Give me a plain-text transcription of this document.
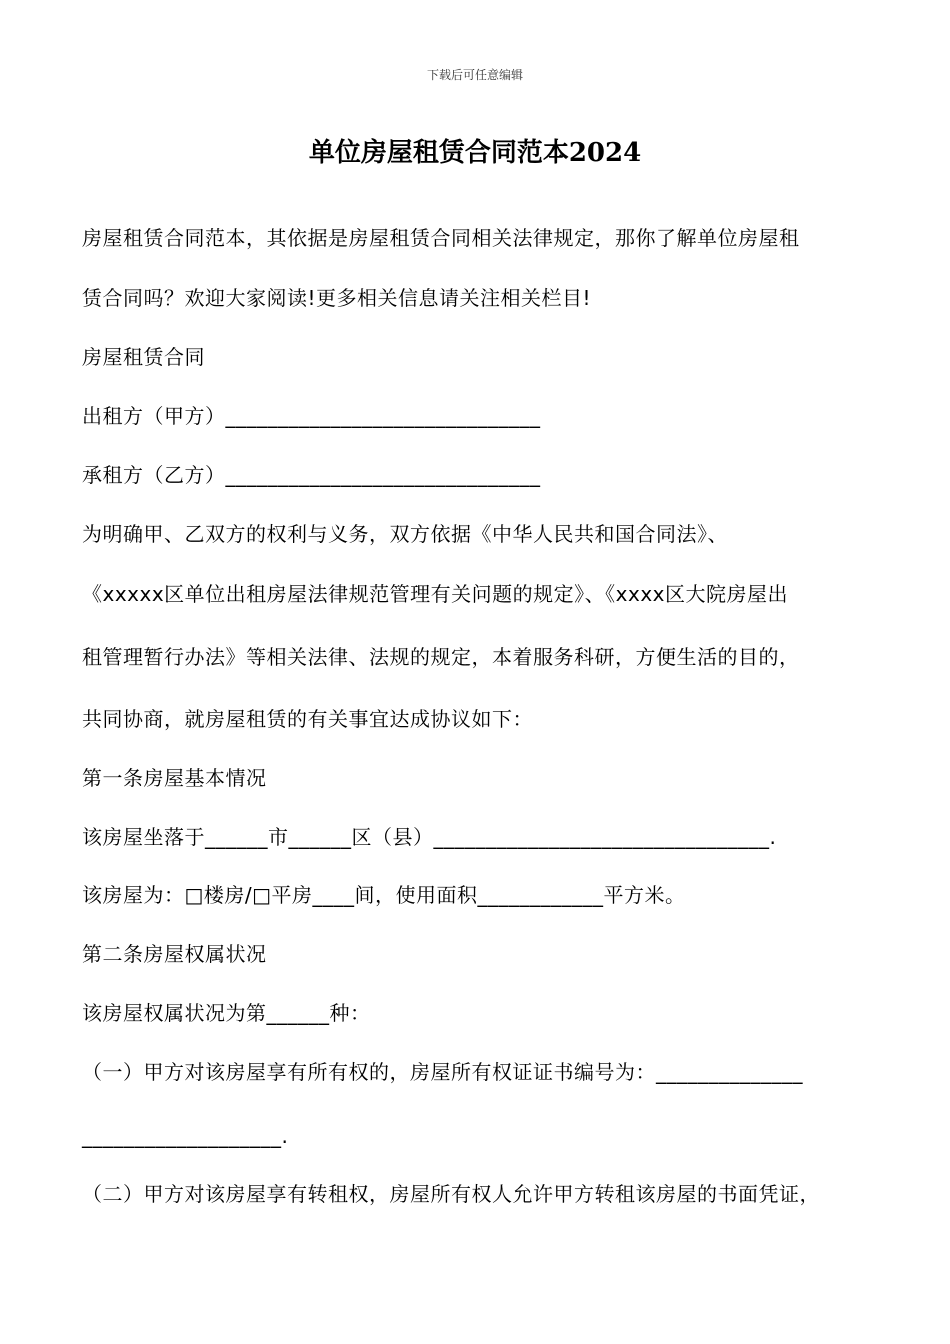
下载后可任意编辑
单位房屋租赁合同范本2024
房屋租赁合同范本，其依据是房屋租赁合同相关法律规定，那你了解单位房屋租
赁合同吗？欢迎大家阅读!更多相关信息请关注相关栏目!
房屋租赁合同
出租方（甲方）______________________________
承租方（乙方）______________________________
为明确甲、乙双方的权利与义务，双方依据《中华人民共和国合同法》、
《xxxxx区单位出租房屋法律规范管理有关问题的规定》、《xxxx区大院房屋出
租管理暂行办法》等相关法律、法规的规定，本着服务科研，方便生活的目的，
共同协商，就房屋租赁的有关事宜达成协议如下：
第一条房屋基本情况
该房屋坐落于______市______区（县）________________________________.
该房屋为：□楼房/□平房____间，使用面积____________平方米。
第二条房屋权属状况
该房屋权属状况为第______种：
（一）甲方对该房屋享有所有权的，房屋所有权证证书编号为：______________
___________________.
（二）甲方对该房屋享有转租权，房屋所有权人允许甲方转租该房屋的书面凭证，
